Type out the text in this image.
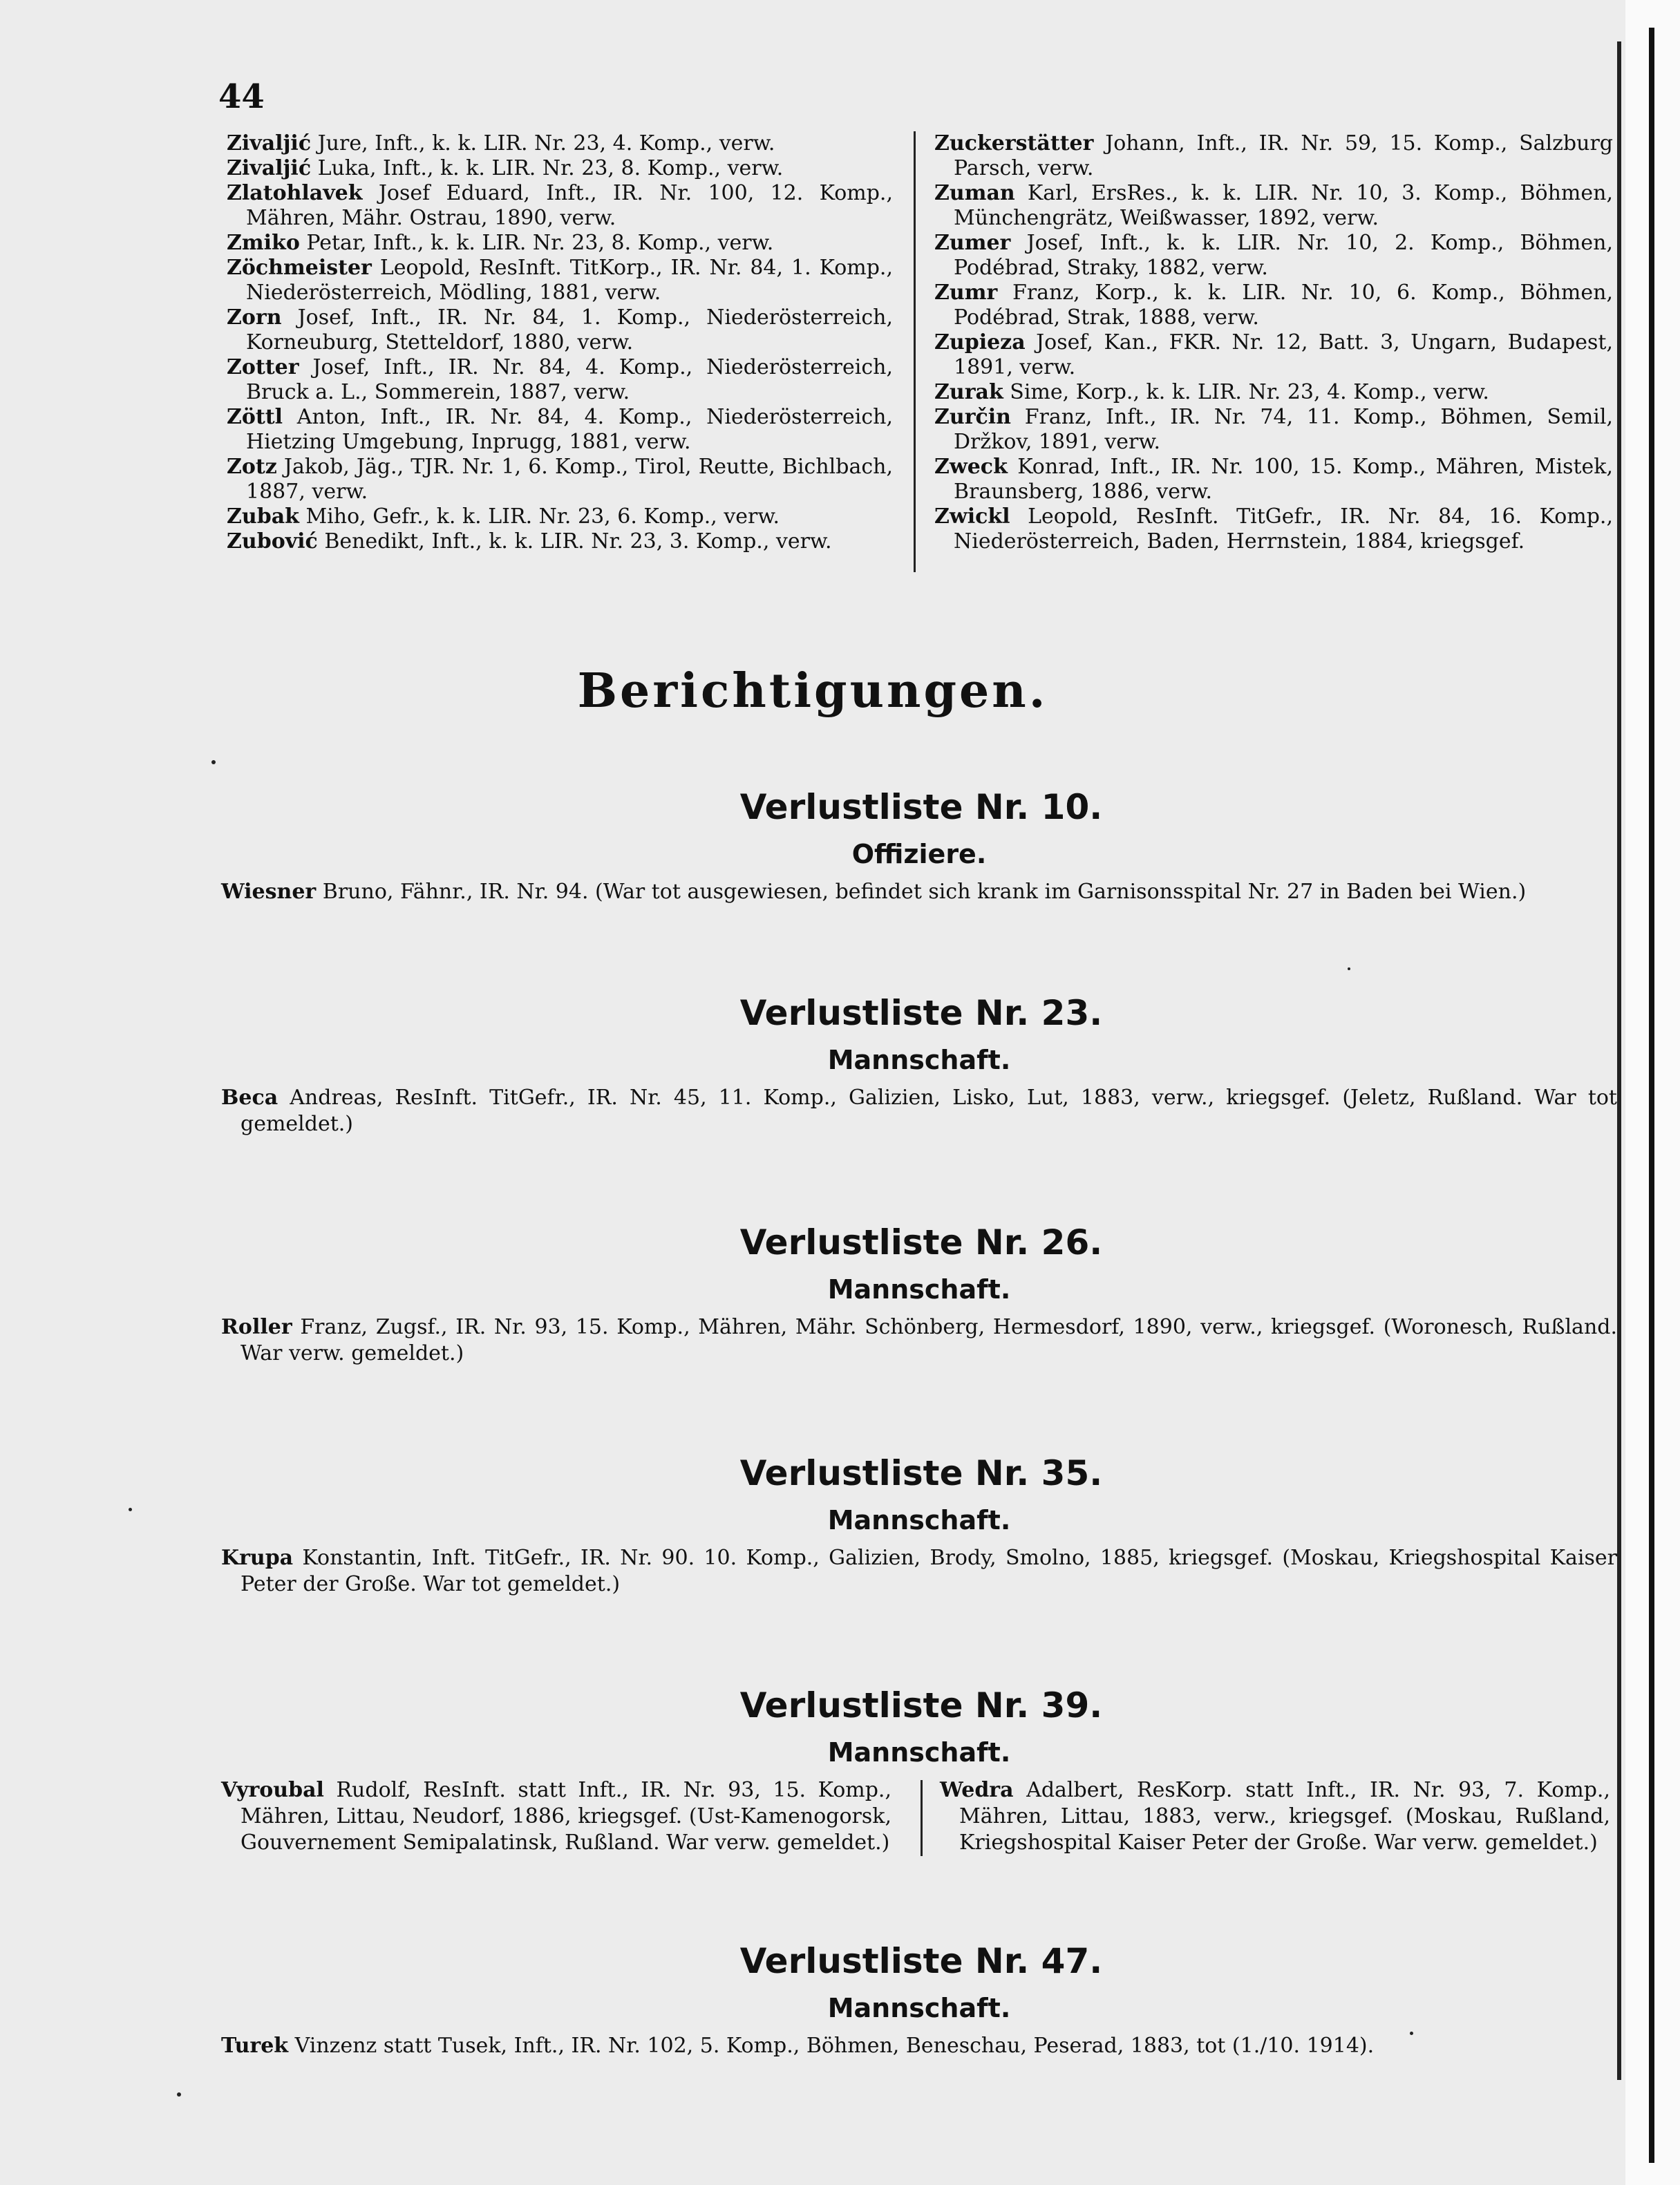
44

Zivaljić Jure, Inft., k. k. LIR. Nr. 23, 4. Komp., verw.

Zivaljić Luka, Inft., k. k. LIR. Nr. 23, 8. Komp., verw.

Zlatohlavek Josef Eduard, Inft., IR. Nr. 100, 12. Komp., Mähren, Mähr. Ostrau, 1890, verw.

Zmiko Petar, Inft., k. k. LIR. Nr. 23, 8. Komp., verw.

Zöchmeister Leopold, ResInft. TitKorp., IR. Nr. 84, 1. Komp., Niederösterreich, Mödling, 1881, verw.

Zorn Josef, Inft., IR. Nr. 84, 1. Komp., Niederösterreich, Korneuburg, Stetteldorf, 1880, verw.

Zotter Josef, Inft., IR. Nr. 84, 4. Komp., Niederösterreich, Bruck a. L., Sommerein, 1887, verw.

Zöttl Anton, Inft., IR. Nr. 84, 4. Komp., Niederösterreich, Hietzing Umgebung, Inprugg, 1881, verw.

Zotz Jakob, Jäg., TJR. Nr. 1, 6. Komp., Tirol, Reutte, Bichlbach, 1887, verw.

Zubak Miho, Gefr., k. k. LIR. Nr. 23, 6. Komp., verw.

Zubović Benedikt, Inft., k. k. LIR. Nr. 23, 3. Komp., verw.

Zuckerstätter Johann, Inft., IR. Nr. 59, 15. Komp., Salzburg Parsch, verw.

Zuman Karl, ErsRes., k. k. LIR. Nr. 10, 3. Komp., Böhmen, Münchengrätz, Weißwasser, 1892, verw.

Zumer Josef, Inft., k. k. LIR. Nr. 10, 2. Komp., Böhmen, Podébrad, Straky, 1882, verw.

Zumr Franz, Korp., k. k. LIR. Nr. 10, 6. Komp., Böhmen, Podébrad, Strak, 1888, verw.

Zupieza Josef, Kan., FKR. Nr. 12, Batt. 3, Ungarn, Budapest, 1891, verw.

Zurak Sime, Korp., k. k. LIR. Nr. 23, 4. Komp., verw.

Zurčin Franz, Inft., IR. Nr. 74, 11. Komp., Böhmen, Semil, Držkov, 1891, verw.

Zweck Konrad, Inft., IR. Nr. 100, 15. Komp., Mähren, Mistek, Braunsberg, 1886, verw.

Zwickl Leopold, ResInft. TitGefr., IR. Nr. 84, 16. Komp., Niederösterreich, Baden, Herrnstein, 1884, kriegsgef.

Berichtigungen.
Verlustliste Nr. 10.
Offiziere.

Wiesner Bruno, Fähnr., IR. Nr. 94. (War tot ausgewiesen, befindet sich krank im Garnisonsspital Nr. 27 in Baden bei Wien.)

Verlustliste Nr. 23.
Mannschaft.

Beca Andreas, ResInft. TitGefr., IR. Nr. 45, 11. Komp., Galizien, Lisko, Lut, 1883, verw., kriegsgef. (Jeletz, Rußland. War tot gemeldet.)

Verlustliste Nr. 26.
Mannschaft.

Roller Franz, Zugsf., IR. Nr. 93, 15. Komp., Mähren, Mähr. Schönberg, Hermesdorf, 1890, verw., kriegsgef. (Woronesch, Rußland. War verw. gemeldet.)

Verlustliste Nr. 35.
Mannschaft.

Krupa Konstantin, Inft. TitGefr., IR. Nr. 90. 10. Komp., Galizien, Brody, Smolno, 1885, kriegsgef. (Moskau, Kriegshospital Kaiser Peter der Große. War tot gemeldet.)

Verlustliste Nr. 39.
Mannschaft.

Vyroubal Rudolf, ResInft. statt Inft., IR. Nr. 93, 15. Komp., Mähren, Littau, Neudorf, 1886, kriegsgef. (Ust-Kamenogorsk, Gouvernement Semipalatinsk, Rußland. War verw. gemeldet.)

Wedra Adalbert, ResKorp. statt Inft., IR. Nr. 93, 7. Komp., Mähren, Littau, 1883, verw., kriegsgef. (Moskau, Rußland, Kriegshospital Kaiser Peter der Große. War verw. gemeldet.)

Verlustliste Nr. 47.
Mannschaft.

Turek Vinzenz statt Tusek, Inft., IR. Nr. 102, 5. Komp., Böhmen, Beneschau, Peserad, 1883, tot (1./10. 1914).
